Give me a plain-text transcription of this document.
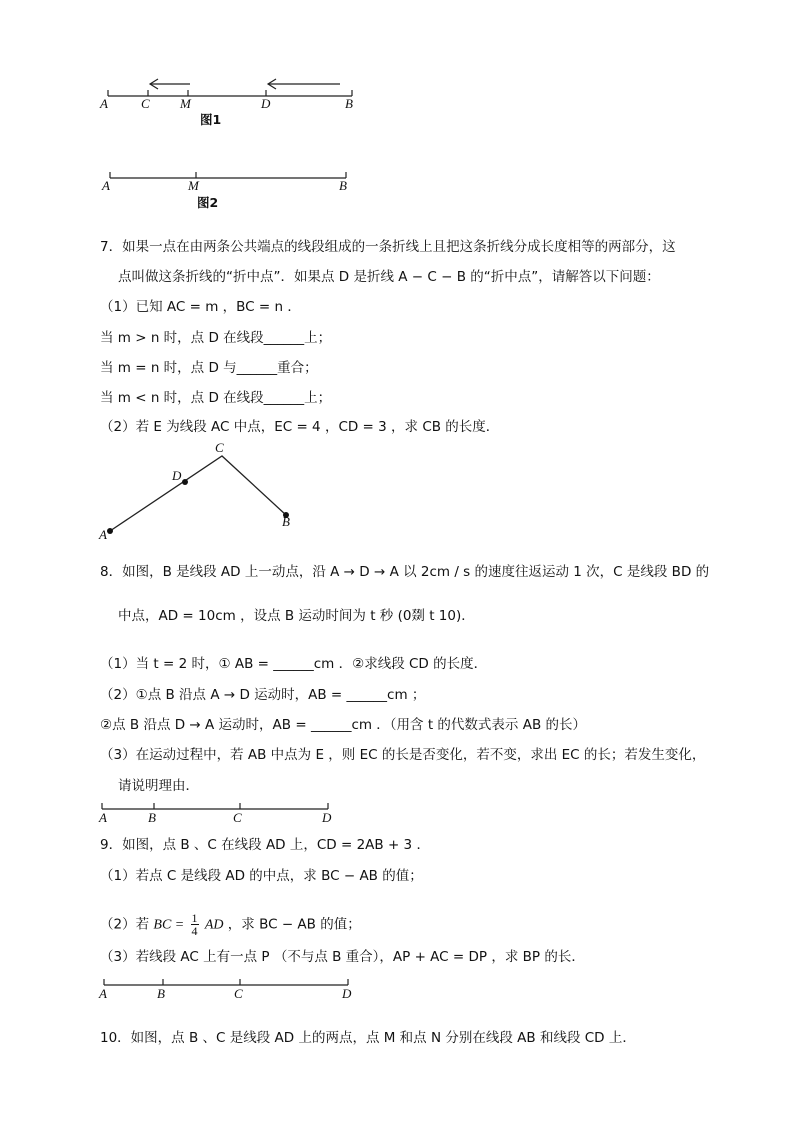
A	C M	D	B
图1
A	M	B
图2
7．如果一点在由两条公共端点的线段组成的一条折线上且把这条折线分成长度相等的两部分，这
点叫做这条折线的“折中点”．如果点 D 是折线 A − C − B 的“折中点”，请解答以下问题：
（1）已知 AC = m ，BC = n ．
当 m > n 时，点 D 在线段______上；
当 m = n 时，点 D 与______重合；
当 m < n 时，点 D 在线段______上；
（2）若 E 为线段 AC 中点，EC = 4 ，CD = 3 ，求 CB 的长度．
C
D
A
B
8．如图，B 是线段 AD 上一动点，沿 A → D → A 以 2cm / s 的速度往返运动 1 次，C 是线段 BD 的
中点，AD = 10cm ，设点 B 运动时间为 t 秒 (0剟 t 10)．
（1）当 t = 2 时，① AB = ______cm ．②求线段 CD 的长度．
（2）①点 B 沿点 A → D 运动时，AB = ______cm ；
②点 B 沿点 D → A 运动时，AB = ______cm ．（用含 t 的代数式表示 AB 的长）
（3）在运动过程中，若 AB 中点为 E ，则 EC 的长是否变化，若不变，求出 EC 的长；若发生变化，
请说明理由．
A	B	C	D
9．如图，点 B 、C 在线段 AD 上，CD = 2AB + 3 ．
（1）若点 C 是线段 AD 的中点，求 BC − AB 的值；
（2）若 BC = $\frac{1}{4}$ AD ，求 BC − AB 的值；
（3）若线段 AC 上有一点 P （不与点 B 重合），AP + AC = DP ，求 BP 的长．
A	B	C	D
10．如图，点 B 、C 是线段 AD 上的两点，点 M 和点 N 分别在线段 AB 和线段 CD 上．
